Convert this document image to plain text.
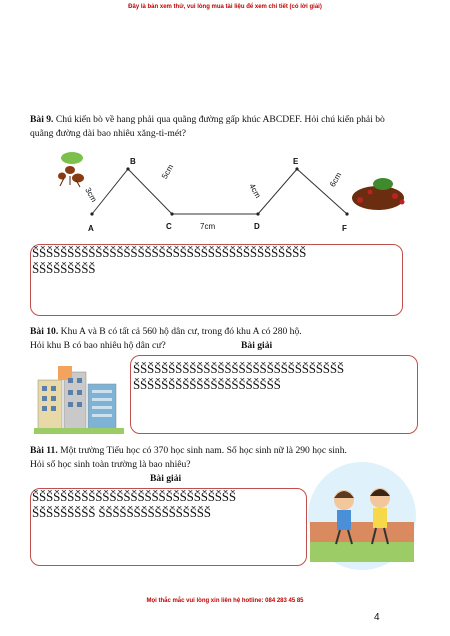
Đây là bản xem thử, vui lòng mua tài liệu để xem chi tiết (có lời giải)
Bài 9. Chú kiến bò về hang phải qua quãng đường gấp khúc ABCDEF. Hỏi chú kiến phải bò quãng đường dài bao nhiêu xăng-ti-mét?
A
B
C	D
E
F
3cm
5cm
7cm
4cm
6cm
ŠŠŠŠŠŠŠŠŠŠŠŠŠŠŠŠŠŠŠŠŠŠŠŠŠŠŠŠŠŠŠŠŠŠŠŠŠŠŠ
ŠŠŠŠŠŠŠŠŠ
Bài 10. Khu A và B có tất cả 560 hộ dân cư, trong đó khu A có 280 hộ.
Hỏi khu B có bao nhiêu hộ dân cư?	Bài giải
ŠŠŠŠŠŠŠŠŠŠŠŠŠŠŠŠŠŠŠŠŠŠŠŠŠŠŠŠŠŠ
ŠŠŠŠŠŠŠŠŠŠŠŠŠŠŠŠŠŠŠŠŠ
Bài 11. Một trường Tiểu học có 370 học sinh nam. Số học sinh nữ là 290 học sinh.
Hỏi số học sinh toàn trường là bao nhiêu?
Bài giải
ŠŠŠŠŠŠŠŠŠŠŠŠŠŠŠŠŠŠŠŠŠŠŠŠŠŠŠŠŠ
ŠŠŠŠŠŠŠŠŠ ŠŠŠŠŠŠŠŠŠŠŠŠŠŠŠŠ
Mọi thắc mắc vui lòng xin liên hệ hotline: 084 283 45 85
4
